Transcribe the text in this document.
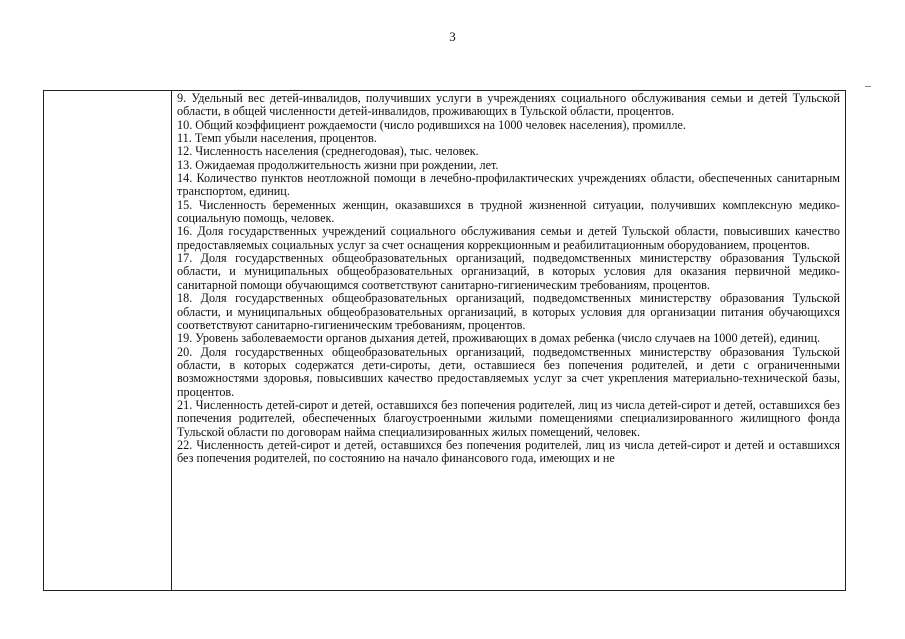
3

9. Удельный вес детей-инвалидов, получивших услуги в учреждениях социального обслуживания семьи и детей Тульской области, в общей численности детей-инвалидов, проживающих в Тульской области, процентов.

10. Общий коэффициент рождаемости (число родившихся на 1000 человек населения), промилле.

11. Темп убыли населения, процентов.

12. Численность населения (среднегодовая), тыс. человек.

13. Ожидаемая продолжительность жизни при рождении, лет.

14. Количество пунктов неотложной помощи в лечебно-профилактических учреждениях области, обеспеченных санитарным транспортом, единиц.

15. Численность беременных женщин, оказавшихся в трудной жизненной ситуации, получивших комплексную медико-социальную помощь, человек.

16. Доля государственных учреждений социального обслуживания семьи и детей Тульской области, повысивших качество предоставляемых социальных услуг за счет оснащения коррекционным и реабилитационным оборудованием, процентов.

17. Доля государственных общеобразовательных организаций, подведомственных министерству образования Тульской области, и муниципальных общеобразовательных организаций, в которых условия для оказания первичной медико-санитарной помощи обучающимся соответствуют санитарно-гигиеническим требованиям, процентов.

18. Доля государственных общеобразовательных организаций, подведомственных министерству образования Тульской области, и муниципальных общеобразовательных организаций, в которых условия для организации питания обучающихся соответствуют санитарно-гигиеническим требованиям, процентов.

19. Уровень заболеваемости органов дыхания детей, проживающих в домах ребенка (число случаев на 1000 детей), единиц.

20. Доля государственных общеобразовательных организаций, подведомственных министерству образования Тульской области, в которых содержатся дети-сироты, дети, оставшиеся без попечения родителей, и дети с ограниченными возможностями здоровья, повысивших качество предоставляемых услуг за счет укрепления материально-технической базы, процентов.

21. Численность детей-сирот и детей, оставшихся без попечения родителей, лиц из числа детей-сирот и детей, оставшихся без попечения родителей, обеспеченных благоустроенными жилыми помещениями специализированного жилищного фонда Тульской области по договорам найма специализированных жилых помещений, человек.

22. Численность детей-сирот и детей, оставшихся без попечения родителей, лиц из числа детей-сирот и детей и оставшихся без попечения родителей, по состоянию на начало финансового года, имеющих и не
